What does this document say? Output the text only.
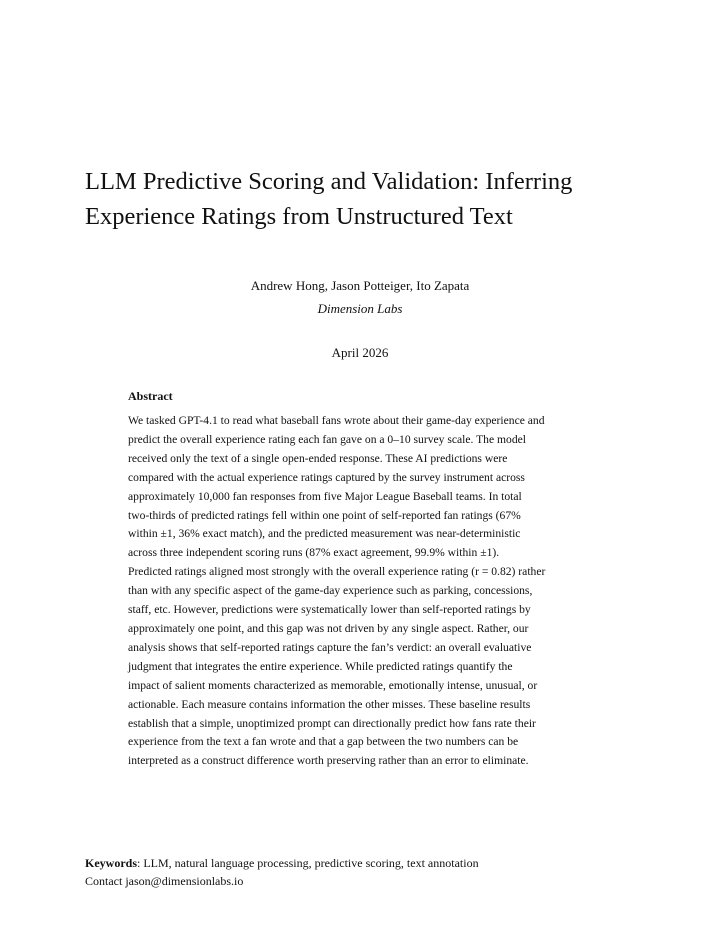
LLM Predictive Scoring and Validation: Inferring
Experience Ratings from Unstructured Text
Andrew Hong, Jason Potteiger, Ito Zapata
Dimension Labs
April 2026
Abstract
We tasked GPT-4.1 to read what baseball fans wrote about their game-day experience and
predict the overall experience rating each fan gave on a 0–10 survey scale. The model
received only the text of a single open-ended response. These AI predictions were
compared with the actual experience ratings captured by the survey instrument across
approximately 10,000 fan responses from five Major League Baseball teams. In total
two-thirds of predicted ratings fell within one point of self-reported fan ratings (67%
within ±1, 36% exact match), and the predicted measurement was near-deterministic
across three independent scoring runs (87% exact agreement, 99.9% within ±1).
Predicted ratings aligned most strongly with the overall experience rating (r = 0.82) rather
than with any specific aspect of the game-day experience such as parking, concessions,
staff, etc. However, predictions were systematically lower than self-reported ratings by
approximately one point, and this gap was not driven by any single aspect. Rather, our
analysis shows that self-reported ratings capture the fan’s verdict: an overall evaluative
judgment that integrates the entire experience. While predicted ratings quantify the
impact of salient moments characterized as memorable, emotionally intense, unusual, or
actionable. Each measure contains information the other misses. These baseline results
establish that a simple, unoptimized prompt can directionally predict how fans rate their
experience from the text a fan wrote and that a gap between the two numbers can be
interpreted as a construct difference worth preserving rather than an error to eliminate.
Keywords: LLM, natural language processing, predictive scoring, text annotation
Contact jason@dimensionlabs.io
